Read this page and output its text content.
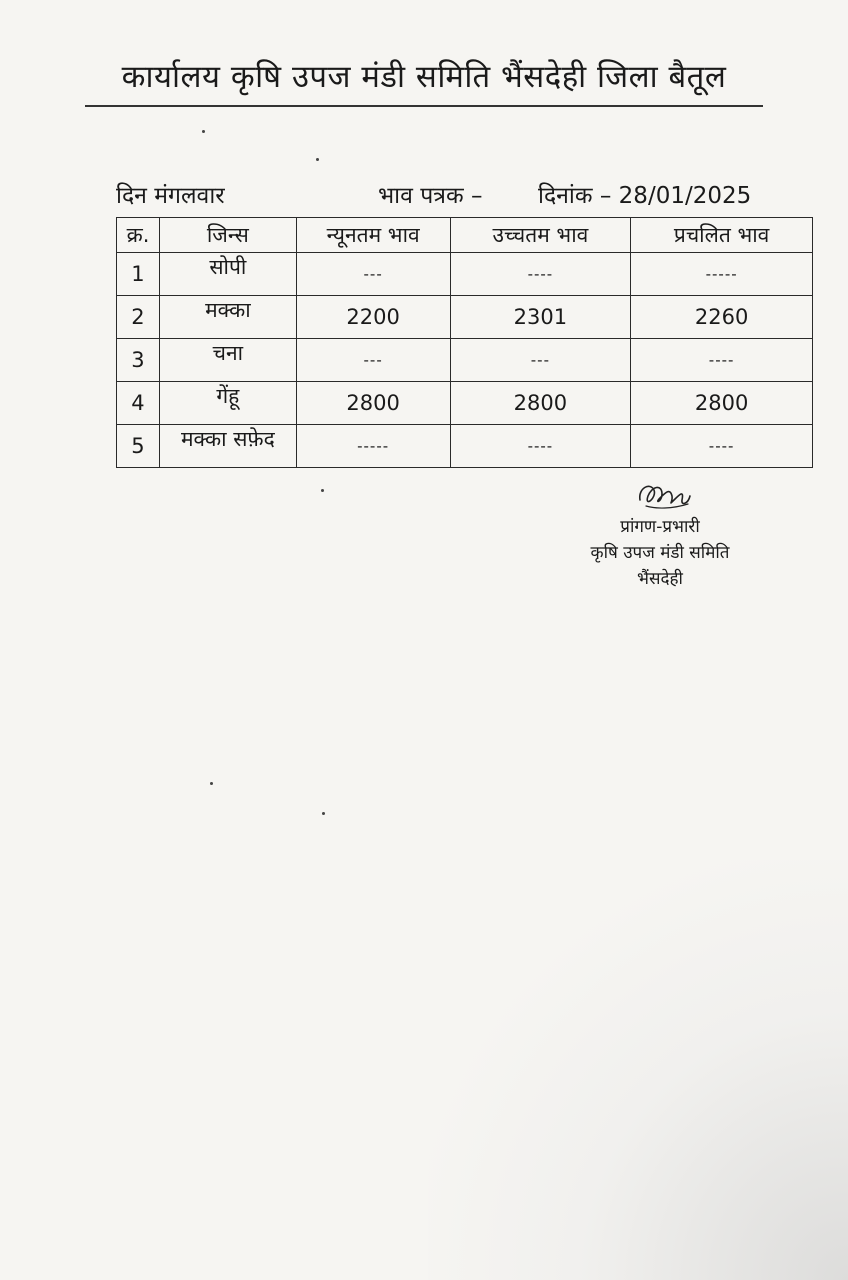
कार्यालय कृषि उपज मंडी समिति भैंसदेही जिला बैतूल
दिन मंगलवार	भाव पत्रक – दिनांक – 28/01/2025
क्र.	जिन्स	न्यूनतम भाव	उच्चतम भाव	प्रचलित भाव
1	सोपी	---	----	-----
2	मक्का	2200	2301	2260
3	चना	---	---	----
4	गेंहू	2800	2800	2800
5	मक्का सफ़ेद	-----	----	----
प्रांगण-प्रभारी
कृषि उपज मंडी समिति
भैंसदेही
